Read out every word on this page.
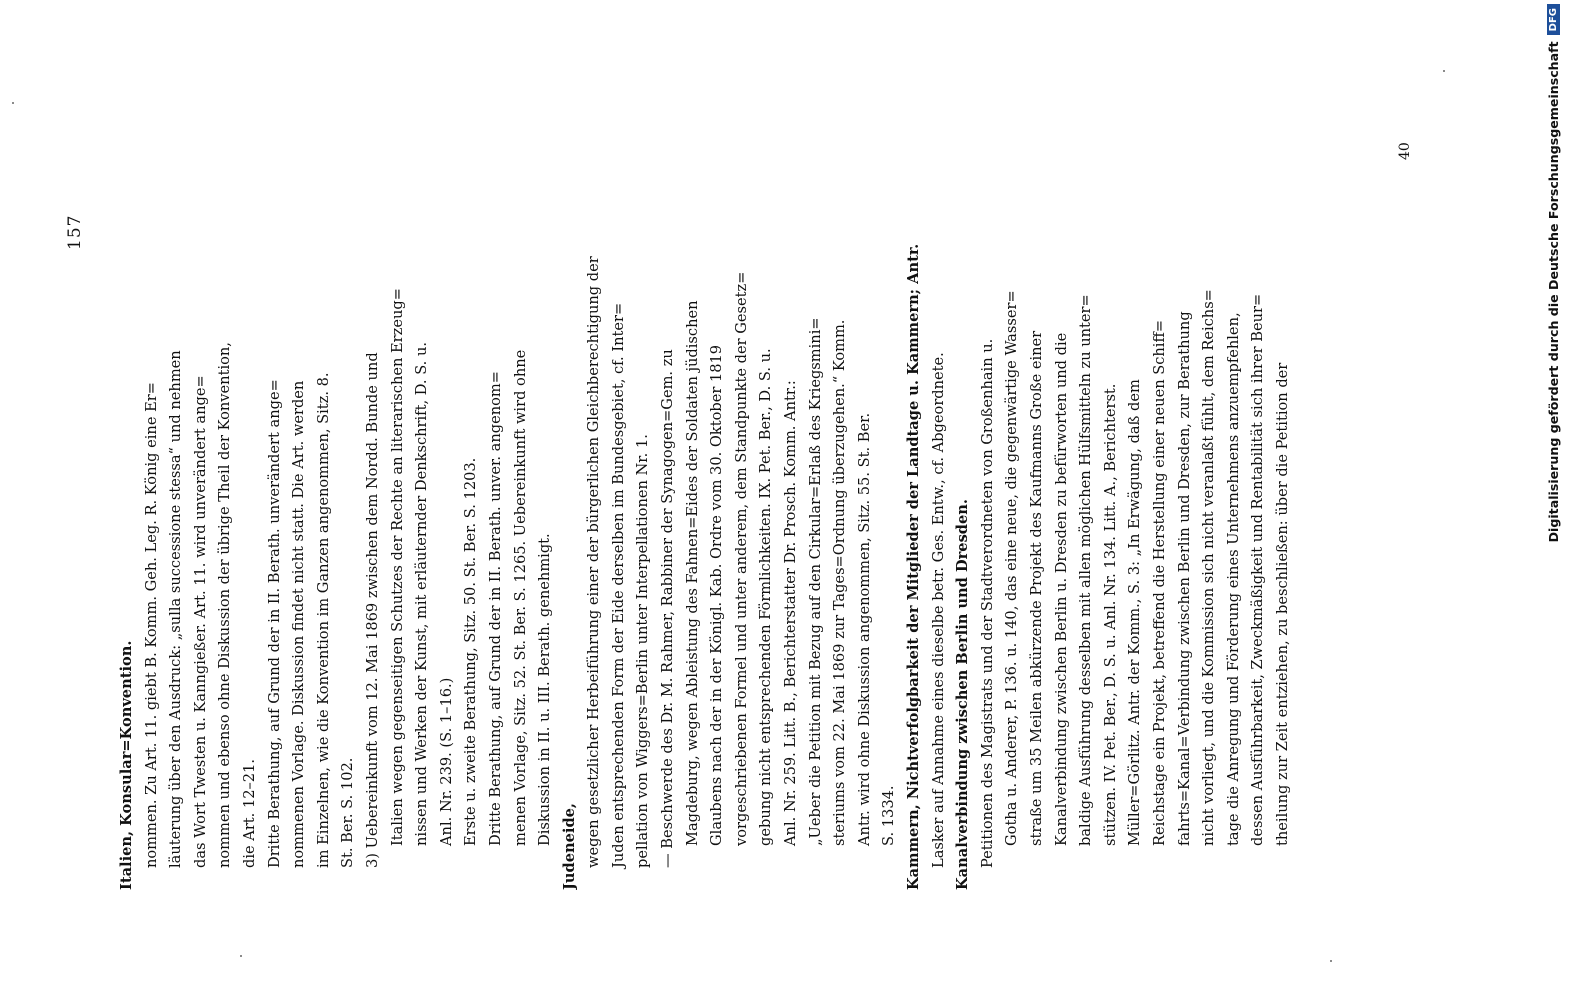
157
Italien, Konsular=Konvention. nommen. Zu Art. 11. giebt B. Komm. Geh. Leg. R. König eine Er= läuterung über den Ausdruck: „sulla successione stessa“ und nehmen das Wort Twesten u. Kanngießer. Art. 11. wird unverändert ange= nommen und ebenso ohne Diskussion der übrige Theil der Konvention, die Art. 12–21. Dritte Berathung, auf Grund der in II. Berath. unverändert ange= nommenen Vorlage. Diskussion findet nicht statt. Die Art. werden im Einzelnen, wie die Konvention im Ganzen angenommen, Sitz. 8. St. Ber. S. 102. 3) Uebereinkunft vom 12. Mai 1869 zwischen dem Nordd. Bunde und Italien wegen gegenseitigen Schutzes der Rechte an literarischen Erzeug= nissen und Werken der Kunst, mit erläuternder Denkschrift, D. S. u. Anl. Nr. 239. (S. 1–16.) Erste u. zweite Berathung, Sitz. 50. St. Ber. S. 1203. Dritte Berathung, auf Grund der in II. Berath. unver. angenom= menen Vorlage, Sitz. 52. St. Ber. S. 1265. Uebereinkunft wird ohne Diskussion in II. u. III. Berath. genehmigt.
Judeneide, wegen gesetzlicher Herbeiführung einer der bürgerlichen Gleichberechtigung der Juden entsprechenden Form der Eide derselben im Bundesgebiet, cf. Inter= pellation von Wiggers=Berlin unter Interpellationen Nr. 1. — Beschwerde des Dr. M. Rahmer, Rabbiner der Synagogen=Gem. zu Magdeburg, wegen Ableistung des Fahnen=Eides der Soldaten jüdischen Glaubens nach der in der Königl. Kab. Ordre vom 30. Oktober 1819 vorgeschriebenen Formel und unter anderem, dem Standpunkte der Gesetz= gebung nicht entsprechenden Förmlichkeiten. IX. Pet. Ber., D. S. u. Anl. Nr. 259. Litt. B., Berichterstatter Dr. Prosch. Komm. Antr.: „Ueber die Petition mit Bezug auf den Cirkular=Erlaß des Kriegsmini= steriums vom 22. Mai 1869 zur Tages=Ordnung überzugehen.“ Komm. Antr. wird ohne Diskussion angenommen, Sitz. 55. St. Ber. S. 1334. Kammern, Nichtverfolgbarkeit der Mitglieder der Landtage u. Kammern; Antr. Lasker auf Annahme eines dieselbe betr. Ges. Entw., cf. Abgeordnete. Kanalverbindung zwischen Berlin und Dresden. Petitionen des Magistrats und der Stadtverordneten von Großenhain u. Gotha u. Anderer, P. 136. u. 140, das eine neue, die gegenwärtige Wasser= straße um 35 Meilen abkürzende Projekt des Kaufmanns Große einer Kanalverbindung zwischen Berlin u. Dresden zu befürworten und die baldige Ausführung desselben mit allen möglichen Hülfsmitteln zu unter= stützen. IV. Pet. Ber., D. S. u. Anl. Nr. 134. Litt. A., Berichterst. Müller=Görlitz. Antr. der Komm., S. 3: „In Erwägung, daß dem Reichstage ein Projekt, betreffend die Herstellung einer neuen Schiff= fahrts=Kanal=Verbindung zwischen Berlin und Dresden, zur Berathung nicht vorliegt, und die Kommission sich nicht veranlaßt fühlt, dem Reichs= tage die Anregung und Förderung eines Unternehmens anzuempfehlen, dessen Ausführbarkeit, Zweckmäßigkeit und Rentabilität sich ihrer Beur= theilung zur Zeit entziehen, zu beschließen: über die Petition der
40	Digitalisierung gefördert durch die Deutsche Forschungsgemeinschaft
DFG
